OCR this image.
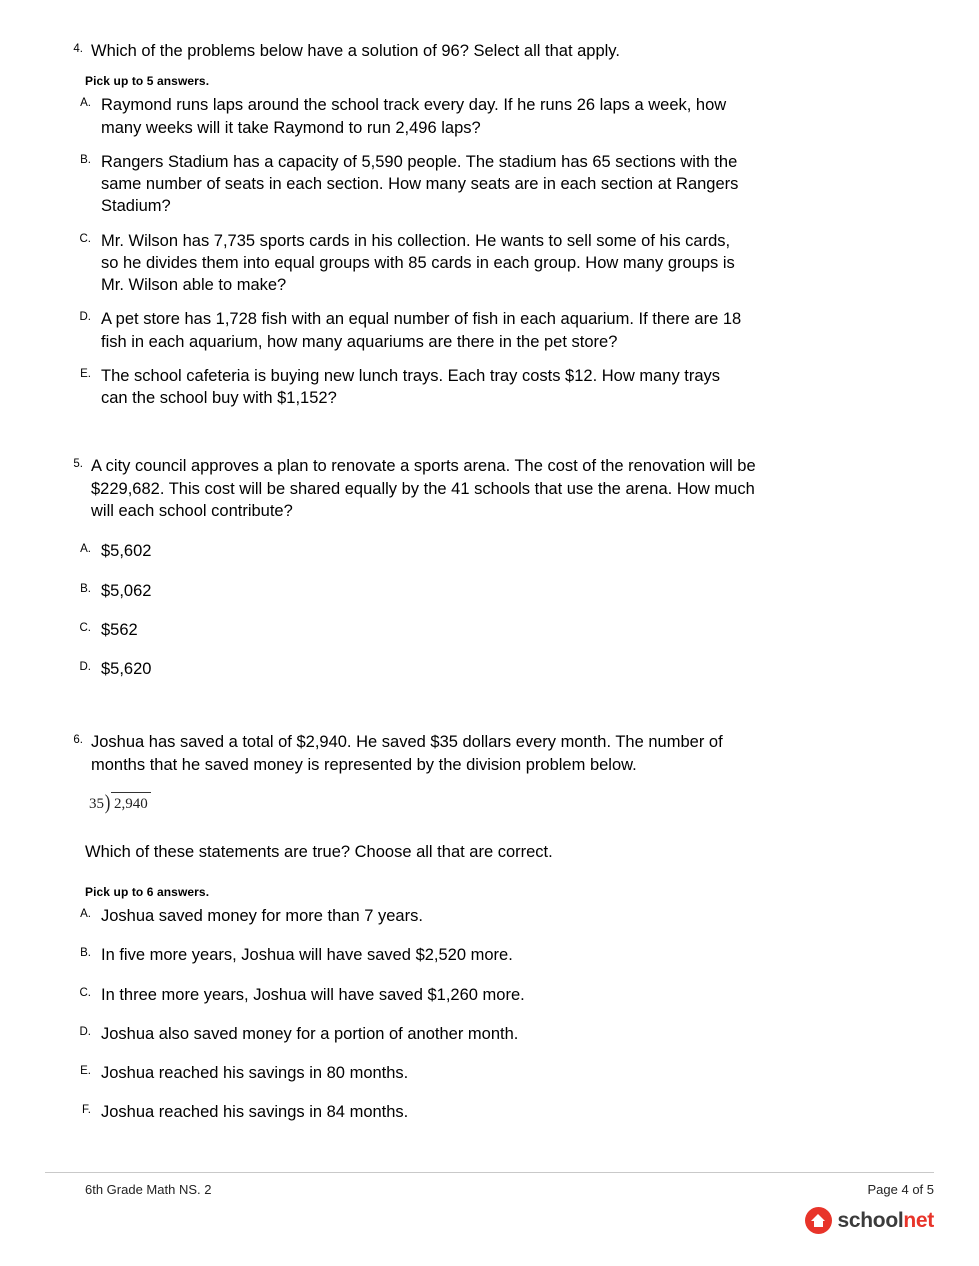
4. Which of the problems below have a solution of 96? Select all that apply.
Pick up to 5 answers.
A. Raymond runs laps around the school track every day. If he runs 26 laps a week, how many weeks will it take Raymond to run 2,496 laps?
B. Rangers Stadium has a capacity of 5,590 people. The stadium has 65 sections with the same number of seats in each section. How many seats are in each section at Rangers Stadium?
C. Mr. Wilson has 7,735 sports cards in his collection. He wants to sell some of his cards, so he divides them into equal groups with 85 cards in each group. How many groups is Mr. Wilson able to make?
D. A pet store has 1,728 fish with an equal number of fish in each aquarium. If there are 18 fish in each aquarium, how many aquariums are there in the pet store?
E. The school cafeteria is buying new lunch trays. Each tray costs $12. How many trays can the school buy with $1,152?
5. A city council approves a plan to renovate a sports arena. The cost of the renovation will be $229,682. This cost will be shared equally by the 41 schools that use the arena. How much will each school contribute?
A. $5,602
B. $5,062
C. $562
D. $5,620
6. Joshua has saved a total of $2,940. He saved $35 dollars every month. The number of months that he saved money is represented by the division problem below.
35) 2,940
Which of these statements are true? Choose all that are correct.
Pick up to 6 answers.
A. Joshua saved money for more than 7 years.
B. In five more years, Joshua will have saved $2,520 more.
C. In three more years, Joshua will have saved $1,260 more.
D. Joshua also saved money for a portion of another month.
E. Joshua reached his savings in 80 months.
F. Joshua reached his savings in 84 months.
6th Grade Math NS. 2	Page 4 of 5
schoolnet
